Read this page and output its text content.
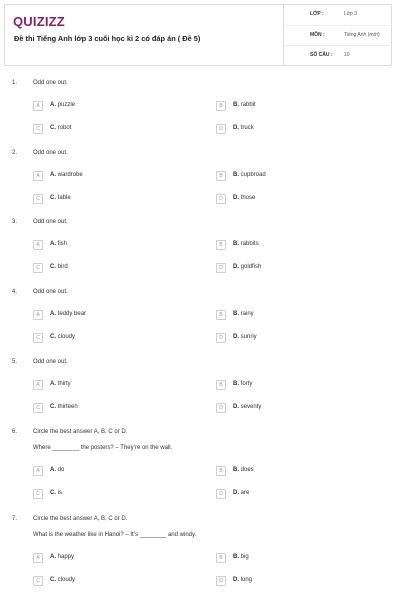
QUIZIZZ
Đề thi Tiếng Anh lớp 3 cuối học kì 2 có đáp án ( Đề 5)
LỚP :	Lớp 3
MÔN :	Tiếng Anh (mới)
SỐ CÂU : 10
1.	Odd one out.
A	A. puzzle	B	B. rabbit
C	C. robot	D	D. truck
2.	Odd one out.
A	A. wardrobe	B	B. cupbroad
C	C. table	D	D. those
3.	Odd one out.
A	A. fish	B	B. rabbits
C	C. bird	D	D. goldfish
4.	Odd one out.
A	A. teddy bear	B	B. rainy
C	C. cloudy	D	D. sunny
5.	Odd one out.
A	A. thirty	B	B. forty
C	C. thirteen	D	D. seventy
6.	Circle the best answer A, B, C or D.
Where ________ the posters? – They’re on the wall.
A	A. do	B	B. does
C	C. is	D	D. are
7.	Circle the best answer A, B, C or D.
What is the weather like in Hanoi? – It’s ________ and windy.
A	A. happy	B	B. big
C	C. cloudy	D	D. long
